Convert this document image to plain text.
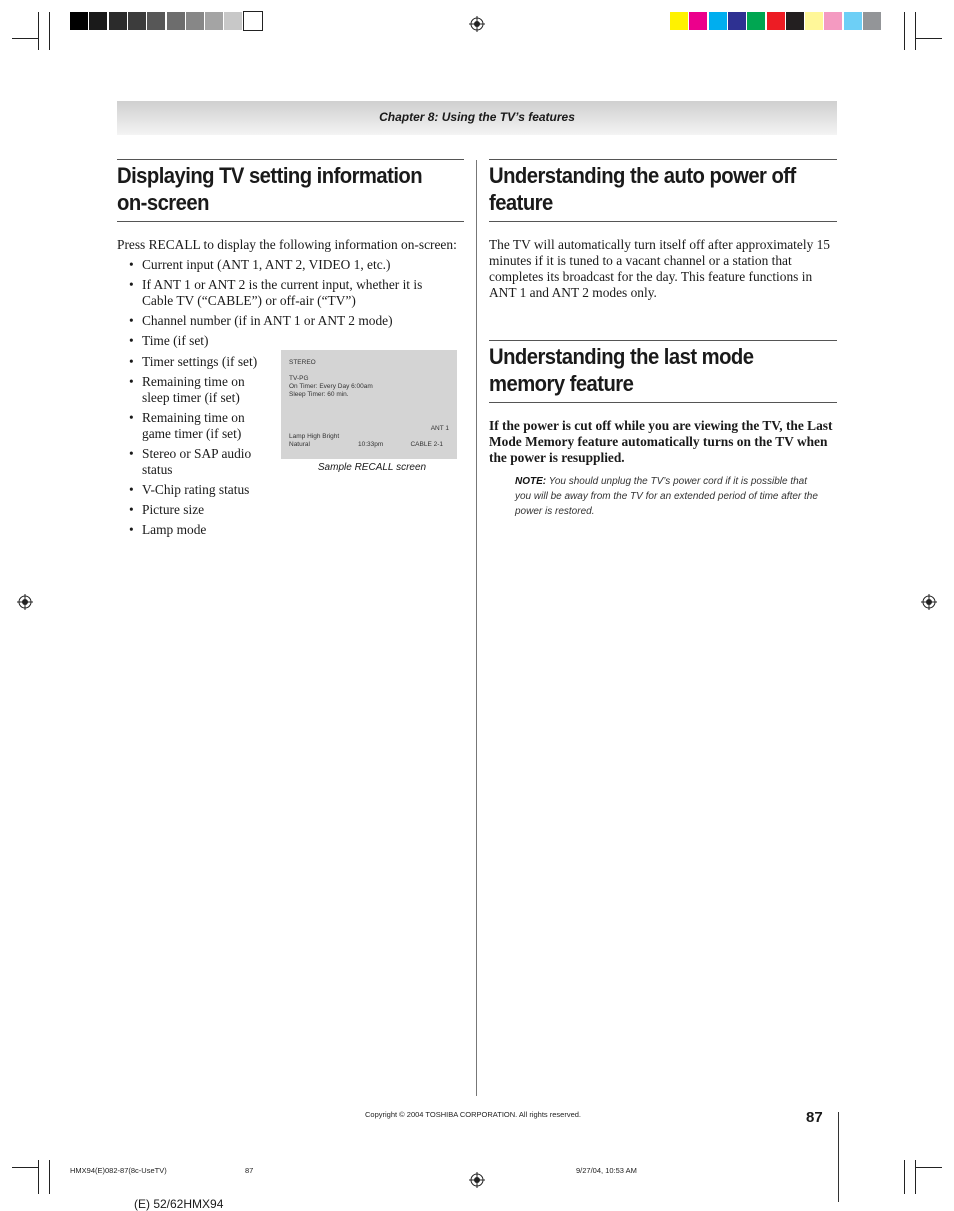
Chapter 8: Using the TV’s features
Displaying TV setting information
on-screen
Press RECALL to display the following information on-screen:
• Current input (ANT 1, ANT 2, VIDEO 1, etc.)
• If ANT 1 or ANT 2 is the current input, whether it is Cable TV (“CABLE”) or off-air (“TV”)
• Channel number (if in ANT 1 or ANT 2 mode)
• Time (if set)
• Timer settings (if set)
• Remaining time on sleep timer (if set)
• Remaining time on game timer (if set)
• Stereo or SAP audio status
• V-Chip rating status
• Picture size
• Lamp mode
STEREO
TV-PG
On Timer: Every Day 6:00am
Sleep Timer: 60 min.
ANT 1
Lamp High Bright
Natural	10:33pm	CABLE 2-1
Sample RECALL screen
Understanding the auto power off
feature
The TV will automatically turn itself off after approximately 15 minutes if it is tuned to a vacant channel or a station that completes its broadcast for the day. This feature functions in ANT 1 and ANT 2 modes only.
Understanding the last mode
memory feature
If the power is cut off while you are viewing the TV, the Last Mode Memory feature automatically turns on the TV when the power is resupplied.
NOTE: You should unplug the TV’s power cord if it is possible that you will be away from the TV for an extended period of time after the power is restored.
Copyright © 2004 TOSHIBA CORPORATION. All rights reserved.	87
HMX94(E)082-87(8c-UseTV)	87	9/27/04, 10:53 AM
(E) 52/62HMX94
